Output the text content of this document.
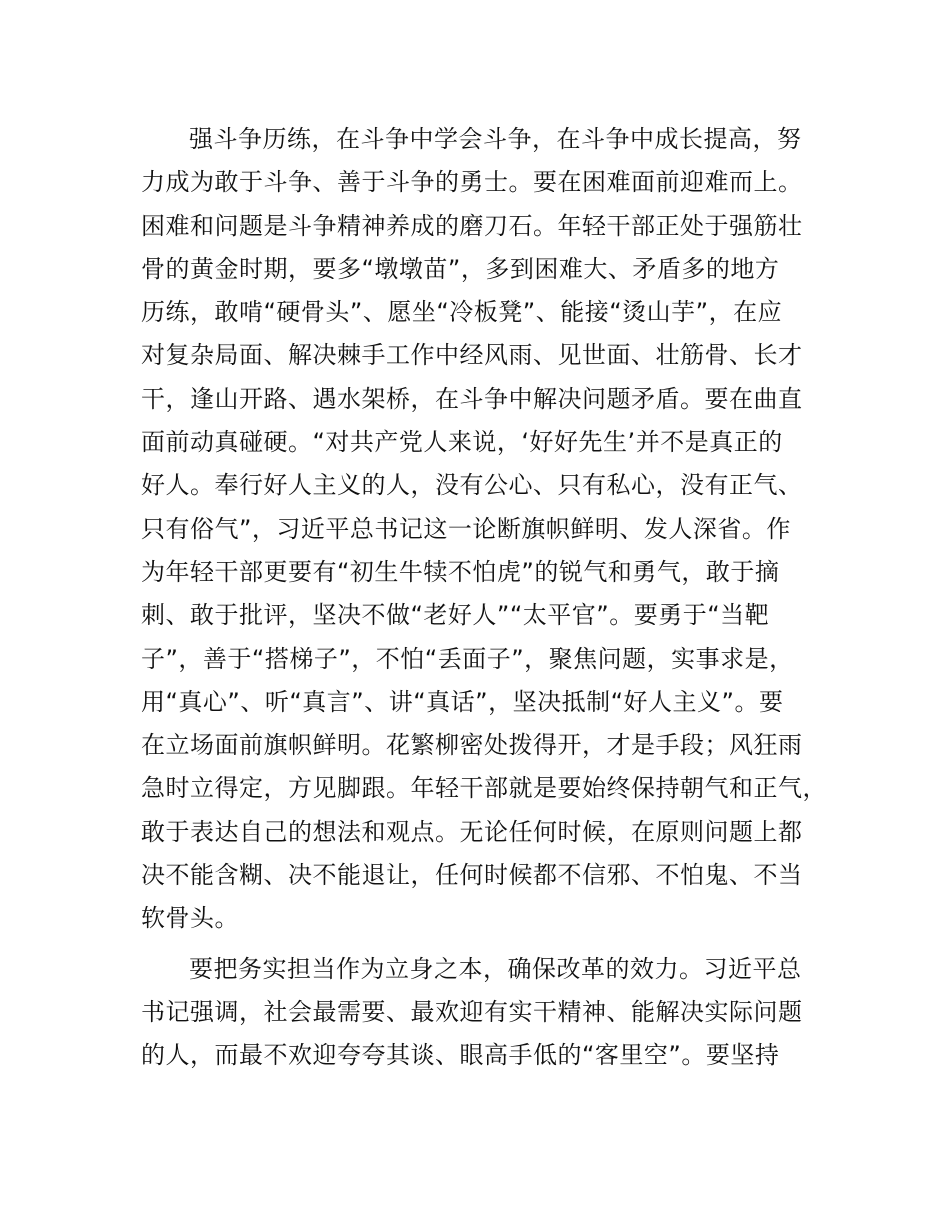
强斗争历练，在斗争中学会斗争，在斗争中成长提高，努
力成为敢于斗争、善于斗争的勇士。要在困难面前迎难而上。
困难和问题是斗争精神养成的磨刀石。年轻干部正处于强筋壮
骨的黄金时期，要多“墩墩苗”，多到困难大、矛盾多的地方
历练，敢啃“硬骨头”、愿坐“冷板凳”、能接“烫山芋”，在应
对复杂局面、解决棘手工作中经风雨、见世面、壮筋骨、长才
干，逢山开路、遇水架桥，在斗争中解决问题矛盾。要在曲直
面前动真碰硬。“对共产党人来说，‘好好先生’并不是真正的
好人。奉行好人主义的人，没有公心、只有私心，没有正气、
只有俗气”，习近平总书记这一论断旗帜鲜明、发人深省。作
为年轻干部更要有“初生牛犊不怕虎”的锐气和勇气，敢于摘
刺、敢于批评，坚决不做“老好人”“太平官”。要勇于“当靶
子”，善于“搭梯子”，不怕“丢面子”，聚焦问题，实事求是，
用“真心”、听“真言”、讲“真话”，坚决抵制“好人主义”。要
在立场面前旗帜鲜明。花繁柳密处拨得开，才是手段；风狂雨
急时立得定，方见脚跟。年轻干部就是要始终保持朝气和正气，
敢于表达自己的想法和观点。无论任何时候，在原则问题上都
决不能含糊、决不能退让，任何时候都不信邪、不怕鬼、不当
软骨头。
要把务实担当作为立身之本，确保改革的效力。习近平总
书记强调，社会最需要、最欢迎有实干精神、能解决实际问题
的人，而最不欢迎夸夸其谈、眼高手低的“客里空”。要坚持
